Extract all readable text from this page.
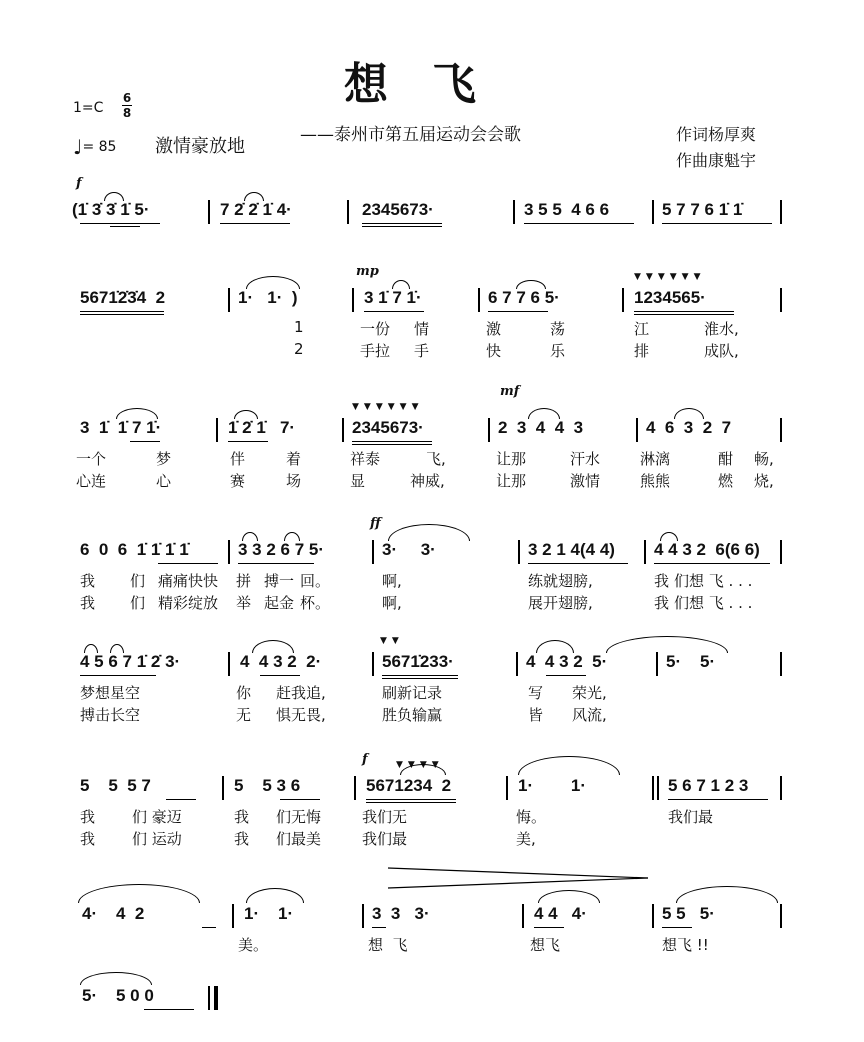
想飞
——泰州市第五届运动会会歌
1=C
6
8
♩= 85 激情豪放地
作词杨厚爽
作曲康魁宇
f
(1̇ 3̇ 3̇ 1̇ 5·	7 2̇ 2̇ 1̇ 4·	2345673·	3 5 5  4 6 6	5 7 7 6 1̇ 1̇
mp	▼▼▼▼▼▼
5671̇2̇3̇4  2	1·   1·  )	3 1̇ 7 1̇·	6 7 7 6 5·	1234565·
1	一份 情	激	荡	江	淮水,
2	手拉 手	快	乐	排	成队,
▼▼▼▼▼▼
mf
3  1̇  1̇ 7 1̇·	1̇ 2̇ 1̇   7·	2345673·	2  3  4  4  3	4  6  3  2  7
一个	梦	伴	着	祥泰	飞,	让那	汗水	淋漓	酣 畅,
心连	心	赛	场	显	神威,	让那	激情	熊熊	燃 烧,
ff
6  0  6  1̇ 1̇ 1̇ 1̇	3 3 2 6 7 5·	3·     3·	3 2 1 4(4 4) 4 4 3 2  6(6 6)
我 们 痛痛快快 拼 搏一 回。	啊,	练就翅膀,	我 们想 飞 . . .
我 们 精彩绽放 举 起金 杯。	啊,	展开翅膀,	我 们想 飞 . . .
▼▼
4 5 6 7 1̇ 2̇ 3·	4  4 3 2  2·	5671̇233·	4  4 3 2  5·	5·    5·
梦想星空	你 赶我追,	刷新记录	写 荣光,
搏击长空	无 惧无畏,	胜负输赢	皆 风流,
f	▼▼▼▼
5    5  5 7	5    5 3 6	5671234  2	1·        1·	5 6 7 1 2 3
我 们 豪迈	我 们无悔	我们无	悔。	我们最
我 们 运动	我 们最美	我们最	美,
4·    4  2	1·    1·	3  3   3·	4 4   4·	5 5   5·
美。	想  飞	想飞	想飞 !!
5·    5 0 0
